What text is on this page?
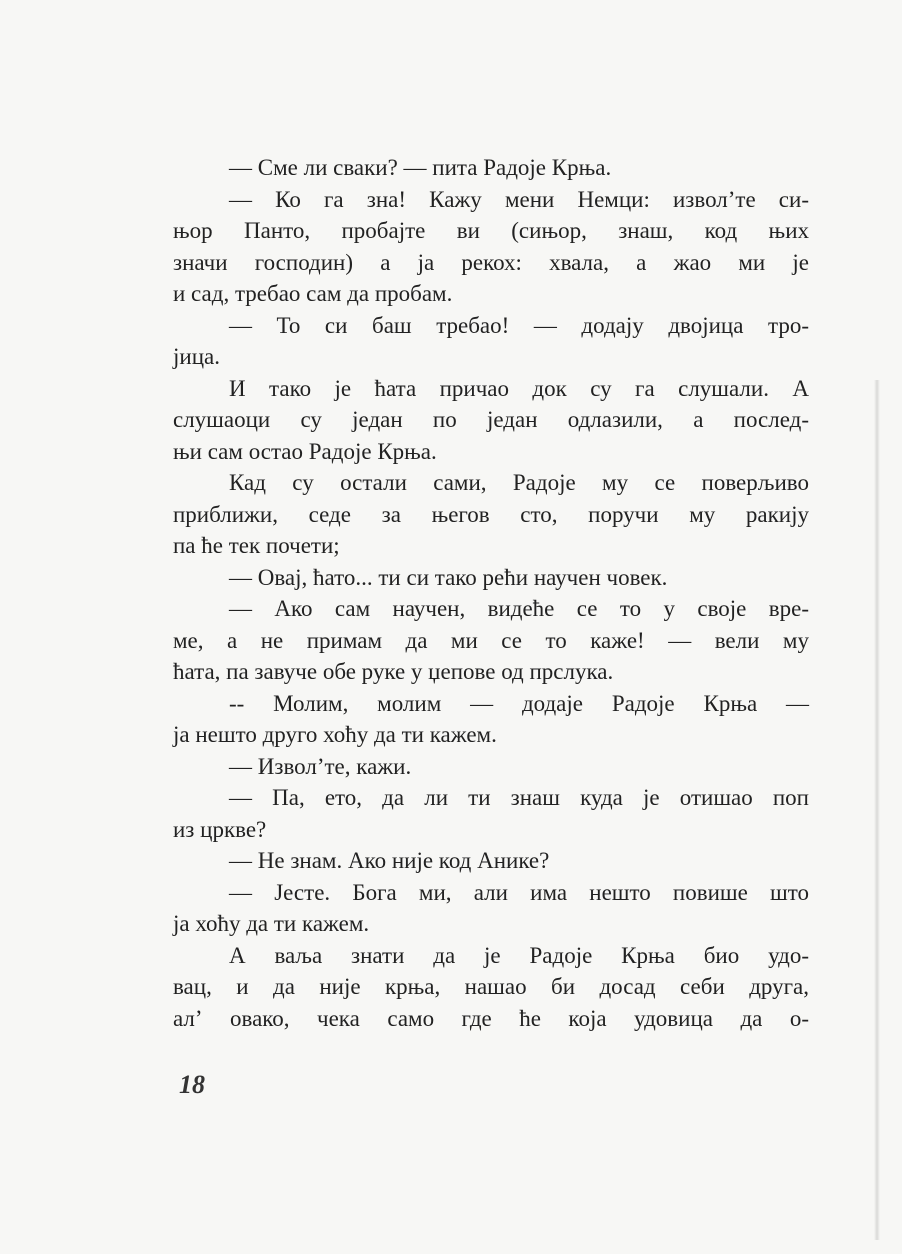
— Сме ли сваки? — пита Радоје Крња.
— Ко га зна! Кажу мени Немци: изволʼте си-
њор Панто, пробајте ви (сињор, знаш, код њих
значи господин) а ја рекох: хвала, а жао ми је
и сад, требао сам да пробам.
— То си баш требао! — додају двојица тро-
јица.
И тако је ћата причао док су га слушали. А
слушаоци су један по један одлазили, а послед-
њи сам остао Радоје Крња.
Кад су остали сами, Радоје му се поверљиво
приближи, седе за његов сто, поручи му ракију
па ће тек почети;
— Овај, ћато... ти си тако рећи научен човек.
— Ако сам научен, видеће се то у своје вре-
ме, а не примам да ми се то каже! — вели му
ћата, па завуче обе руке у џепове од прслука.
-- Молим, молим — додаје Радоје Крња —
ја нешто друго хоћу да ти кажем.
— Изволʼте, кажи.
— Па, ето, да ли ти знаш куда је отишао поп
из цркве?
— Не знам. Ако није код Анике?
— Јесте. Бога ми, али има нешто повише што
ја хоћу да ти кажем.
А ваља знати да је Радоје Крња био удо-
вац, и да није крња, нашао би досад себи друга,
алʼ овако, чека само где ће која удовица да о-
18
